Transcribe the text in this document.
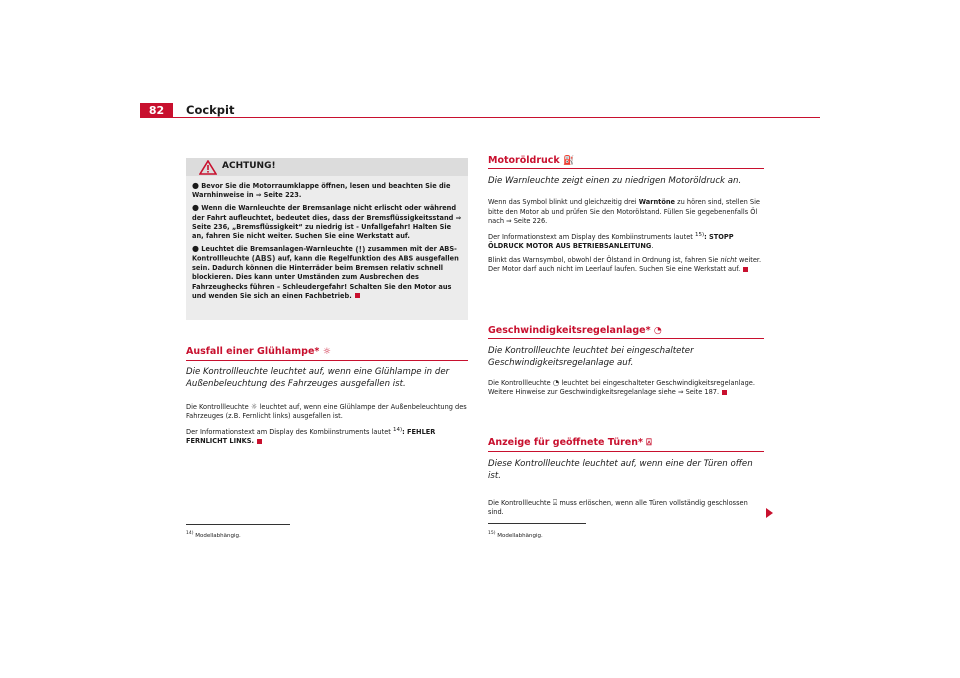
82	Cockpit
ACHTUNG!

● Bevor Sie die Motorraumklappe öffnen, lesen und beachten Sie die Warnhinweise in ⇒ Seite 223.

● Wenn die Warnleuchte der Bremsanlage nicht erlischt oder während der Fahrt aufleuchtet, bedeutet dies, dass der Bremsflüssigkeitsstand ⇒ Seite 236, „Bremsflüssigkeit“ zu niedrig ist - Unfallgefahr! Halten Sie an, fahren Sie nicht weiter. Suchen Sie eine Werkstatt auf.

● Leuchtet die Bremsanlagen-Warnleuchte (!) zusammen mit der ABS-Kontrollleuchte (ABS) auf, kann die Regelfunktion des ABS ausgefallen sein. Dadurch können die Hinterräder beim Bremsen relativ schnell blockieren. Dies kann unter Umständen zum Ausbrechen des Fahrzeughecks führen – Schleudergefahr! Schalten Sie den Motor aus und wenden Sie sich an einen Fachbetrieb.

Ausfall einer Glühlampe* ☼
Die Kontrollleuchte leuchtet auf, wenn eine Glühlampe in der Außenbeleuchtung des Fahrzeuges ausgefallen ist.

Die Kontrollleuchte ☼ leuchtet auf, wenn eine Glühlampe der Außenbeleuchtung des Fahrzeuges (z.B. Fernlicht links) ausgefallen ist.

Der Informationstext am Display des Kombiinstruments lautet $^{14)}$: FEHLER FERNLICHT LINKS.

$^{14)}$ Modellabhängig.
Motoröldruck ⛽
Die Warnleuchte zeigt einen zu niedrigen Motoröldruck an.

Wenn das Symbol blinkt und gleichzeitig drei Warntöne zu hören sind, stellen Sie bitte den Motor ab und prüfen Sie den Motorölstand. Füllen Sie gegebenenfalls Öl nach ⇒ Seite 226.

Der Informationstext am Display des Kombiinstruments lautet $^{15)}$: STOPP ÖLDRUCK MOTOR AUS BETRIEBSANLEITUNG.

Blinkt das Warnsymbol, obwohl der Ölstand in Ordnung ist, fahren Sie nicht weiter. Der Motor darf auch nicht im Leerlauf laufen. Suchen Sie eine Werkstatt auf.

Geschwindigkeitsregelanlage* ◔
Die Kontrollleuchte leuchtet bei eingeschalteter Geschwindigkeitsregelanlage auf.

Die Kontrollleuchte ◔ leuchtet bei eingeschalteter Geschwindigkeitsregelanlage. Weitere Hinweise zur Geschwindigkeitsregelanlage siehe ⇒ Seite 187.

Anzeige für geöffnete Türen* ⍓
Diese Kontrollleuchte leuchtet auf, wenn eine der Türen offen ist.

Die Kontrollleuchte ⍓ muss erlöschen, wenn alle Türen vollständig geschlossen sind.

$^{15)}$ Modellabhängig.
